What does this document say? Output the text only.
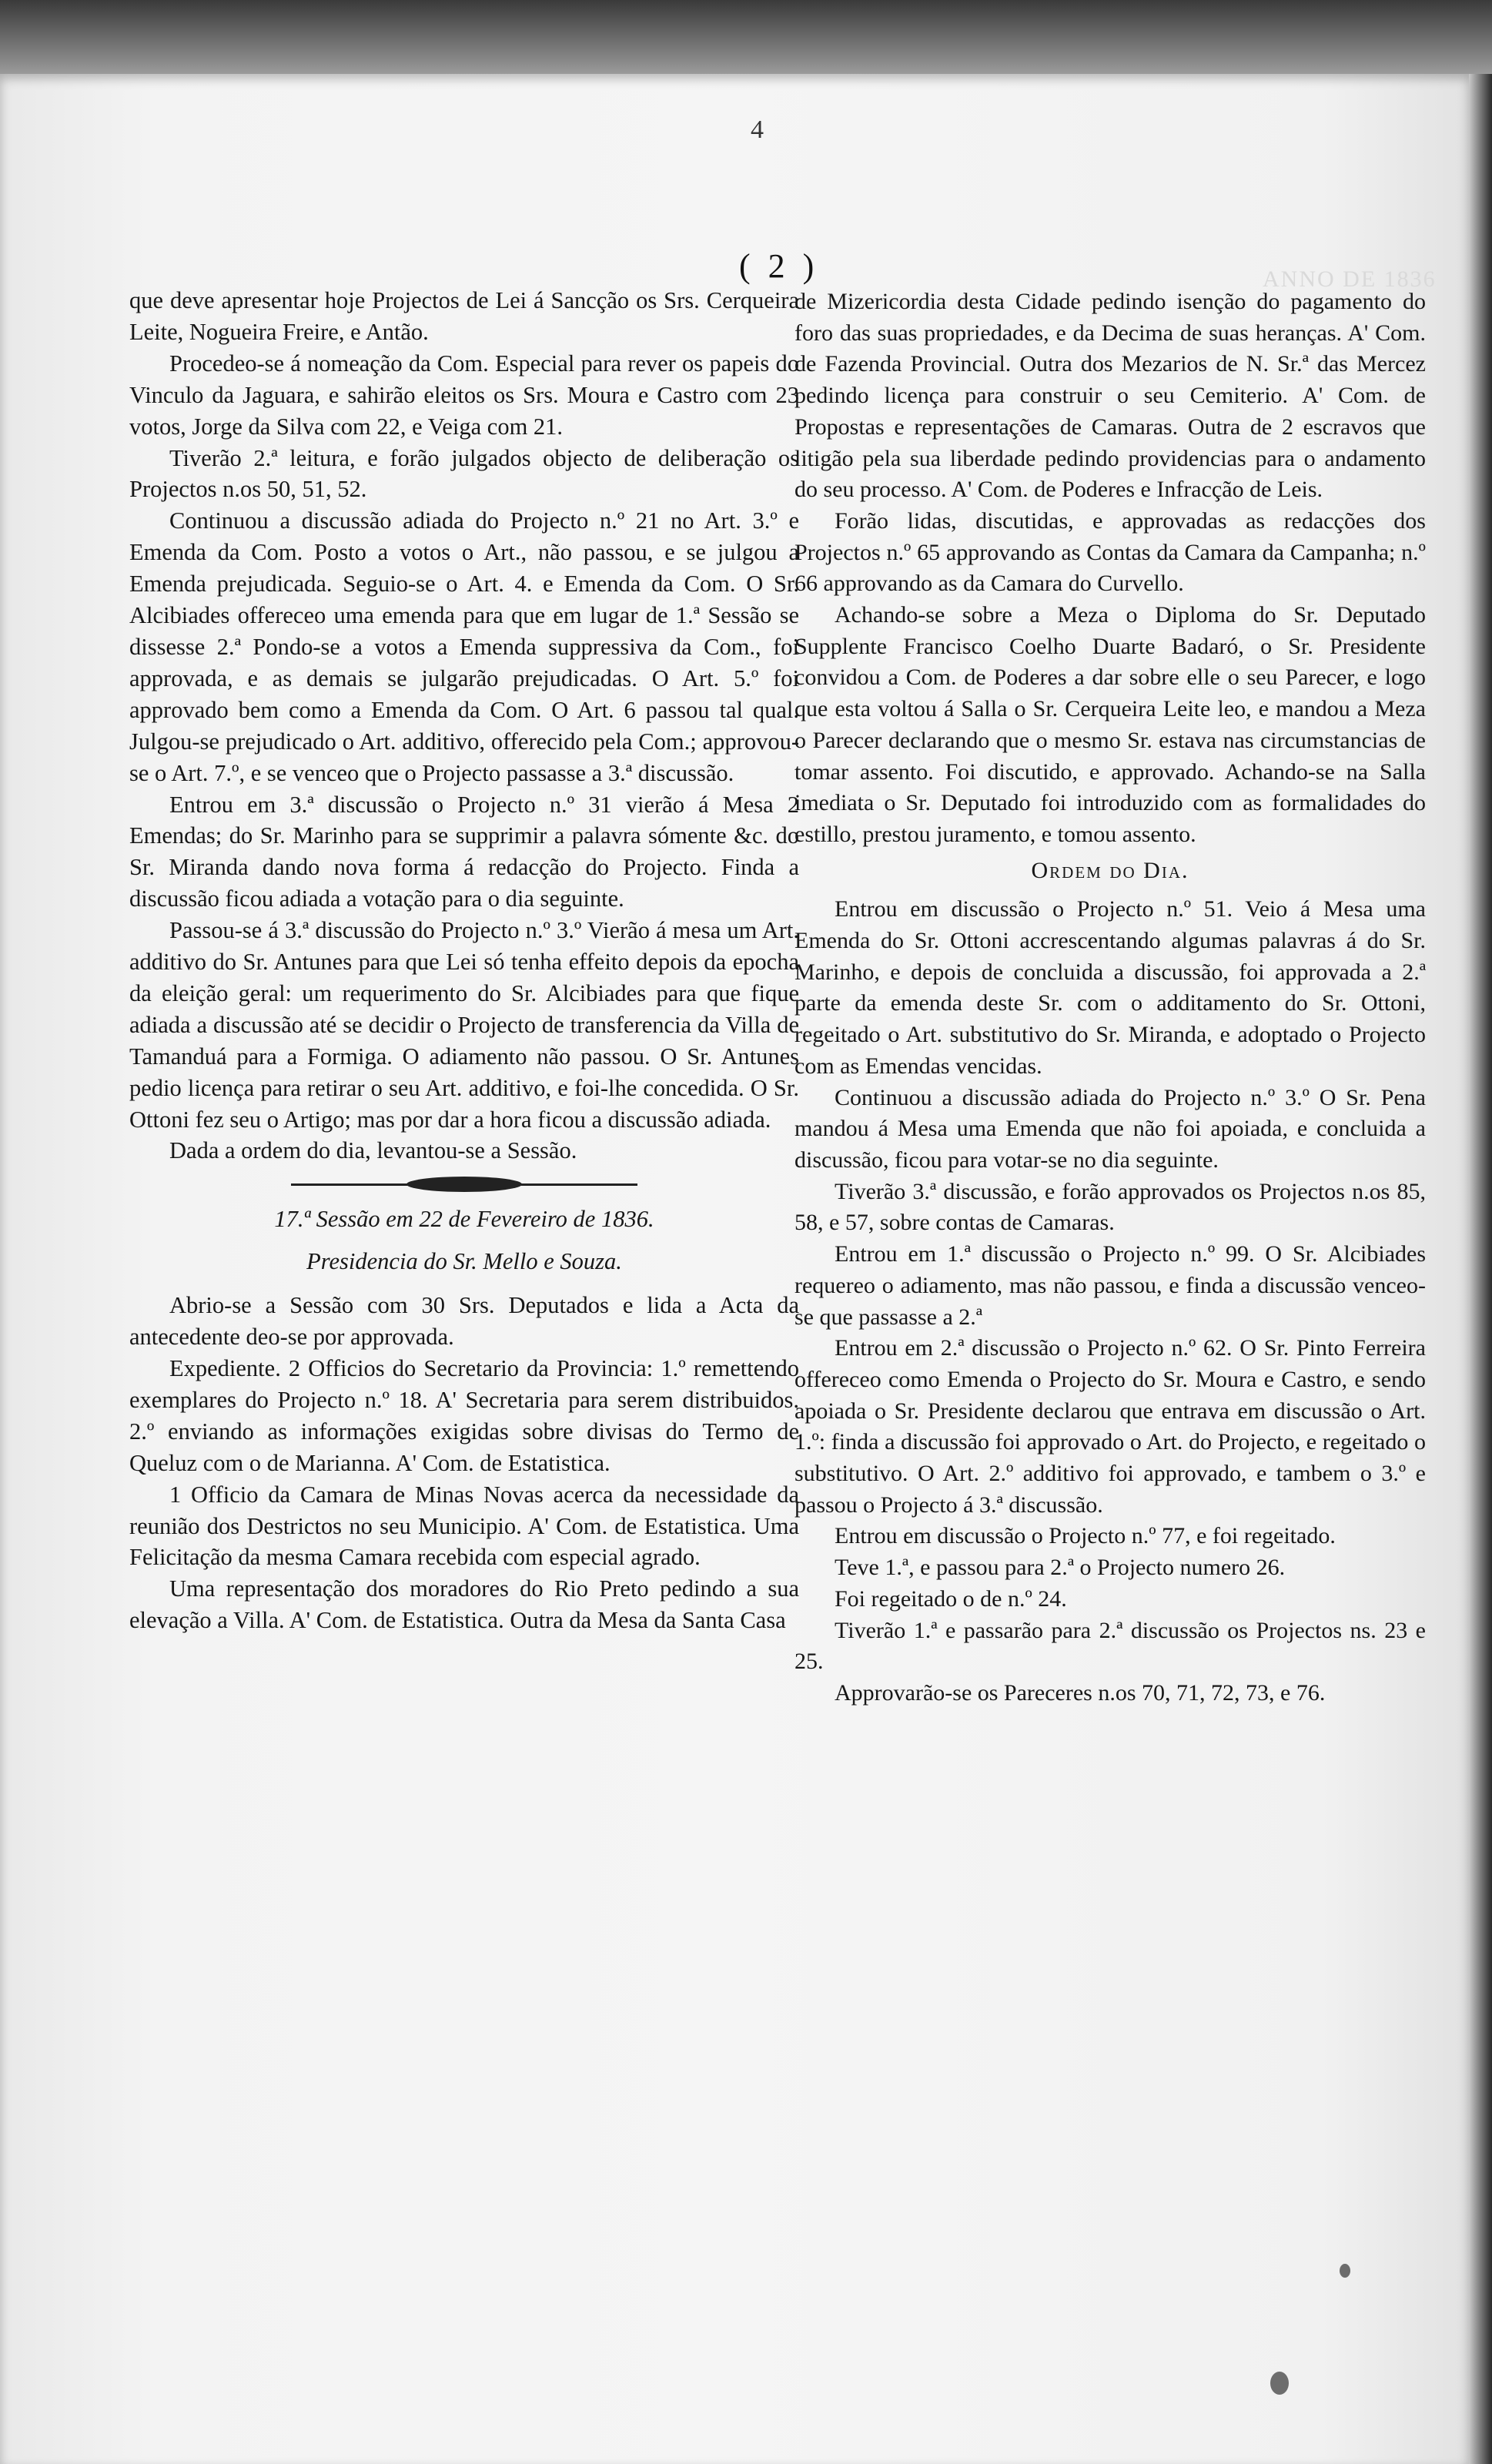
ANNO DE 1836
4
( 2 )

que deve apresentar hoje Projectos de Lei á Sancção os Srs. Cerqueira Leite, Nogueira Freire, e Antão.

Procedeo-se á nomeação da Com. Especial para rever os papeis do Vinculo da Jaguara, e sahirão eleitos os Srs. Moura e Castro com 23 votos, Jorge da Silva com 22, e Veiga com 21.

Tiverão 2.ª leitura, e forão julgados objecto de deliberação os Projectos n.os 50, 51, 52.

Continuou a discussão adiada do Projecto n.º 21 no Art. 3.º e Emenda da Com. Posto a votos o Art., não passou, e se julgou a Emenda prejudicada. Seguio-se o Art. 4. e Emenda da Com. O Sr. Alcibiades offereceo uma emenda para que em lugar de 1.ª Sessão se dissesse 2.ª Pondo-se a votos a Emenda suppressiva da Com., foi approvada, e as demais se julgarão prejudicadas. O Art. 5.º foi approvado bem como a Emenda da Com. O Art. 6 passou tal qual. Julgou-se prejudicado o Art. additivo, offerecido pela Com.; approvou-se o Art. 7.º, e se venceo que o Projecto passasse a 3.ª discussão.

Entrou em 3.ª discussão o Projecto n.º 31 vierão á Mesa 2 Emendas; do Sr. Marinho para se supprimir a palavra sómente &c. do Sr. Miranda dando nova forma á redacção do Projecto. Finda a discussão ficou adiada a votação para o dia seguinte.

Passou-se á 3.ª discussão do Projecto n.º 3.º Vierão á mesa um Art. additivo do Sr. Antunes para que Lei só tenha effeito depois da epocha da eleição geral: um requerimento do Sr. Alcibiades para que fique adiada a discussão até se decidir o Projecto de transferencia da Villa de Tamanduá para a Formiga. O adiamento não passou. O Sr. Antunes pedio licença para retirar o seu Art. additivo, e foi-lhe concedida. O Sr. Ottoni fez seu o Artigo; mas por dar a hora ficou a discussão adiada.

Dada a ordem do dia, levantou-se a Sessão.

17.ª Sessão em 22 de Fevereiro de 1836.
Presidencia do Sr. Mello e Souza.

Abrio-se a Sessão com 30 Srs. Deputados e lida a Acta da antecedente deo-se por approvada.

Expediente. 2 Officios do Secretario da Provincia: 1.º remettendo exemplares do Projecto n.º 18. A' Secretaria para serem distribuidos. 2.º enviando as informações exigidas sobre divisas do Termo de Queluz com o de Marianna. A' Com. de Estatistica.

1 Officio da Camara de Minas Novas acerca da necessidade da reunião dos Destrictos no seu Municipio. A' Com. de Estatistica. Uma Felicitação da mesma Camara recebida com especial agrado.

Uma representação dos moradores do Rio Preto pedindo a sua elevação a Villa. A' Com. de Estatistica. Outra da Mesa da Santa Casa

de Mizericordia desta Cidade pedindo isenção do pagamento do foro das suas propriedades, e da Decima de suas heranças. A' Com. de Fazenda Provincial. Outra dos Mezarios de N. Sr.ª das Mercez pedindo licença para construir o seu Cemiterio. A' Com. de Propostas e representações de Camaras. Outra de 2 escravos que litigão pela sua liberdade pedindo providencias para o andamento do seu processo. A' Com. de Poderes e Infracção de Leis.

Forão lidas, discutidas, e approvadas as redacções dos Projectos n.º 65 approvando as Contas da Camara da Campanha; n.º 66 approvando as da Camara do Curvello.

Achando-se sobre a Meza o Diploma do Sr. Deputado Supplente Francisco Coelho Duarte Badaró, o Sr. Presidente convidou a Com. de Poderes a dar sobre elle o seu Parecer, e logo que esta voltou á Salla o Sr. Cerqueira Leite leo, e mandou a Meza o Parecer declarando que o mesmo Sr. estava nas circumstancias de tomar assento. Foi discutido, e approvado. Achando-se na Salla imediata o Sr. Deputado foi introduzido com as formalidades do estillo, prestou juramento, e tomou assento.

Ordem do Dia.

Entrou em discussão o Projecto n.º 51. Veio á Mesa uma Emenda do Sr. Ottoni accrescentando algumas palavras á do Sr. Marinho, e depois de concluida a discussão, foi approvada a 2.ª parte da emenda deste Sr. com o additamento do Sr. Ottoni, regeitado o Art. substitutivo do Sr. Miranda, e adoptado o Projecto com as Emendas vencidas.

Continuou a discussão adiada do Projecto n.º 3.º O Sr. Pena mandou á Mesa uma Emenda que não foi apoiada, e concluida a discussão, ficou para votar-se no dia seguinte.

Tiverão 3.ª discussão, e forão approvados os Projectos n.os 85, 58, e 57, sobre contas de Camaras.

Entrou em 1.ª discussão o Projecto n.º 99. O Sr. Alcibiades requereo o adiamento, mas não passou, e finda a discussão venceo-se que passasse a 2.ª

Entrou em 2.ª discussão o Projecto n.º 62. O Sr. Pinto Ferreira offereceo como Emenda o Projecto do Sr. Moura e Castro, e sendo apoiada o Sr. Presidente declarou que entrava em discussão o Art. 1.º: finda a discussão foi approvado o Art. do Projecto, e regeitado o substitutivo. O Art. 2.º additivo foi approvado, e tambem o 3.º e passou o Projecto á 3.ª discussão.

Entrou em discussão o Projecto n.º 77, e foi regeitado.

Teve 1.ª, e passou para 2.ª o Projecto numero 26.

Foi regeitado o de n.º 24.

Tiverão 1.ª e passarão para 2.ª discussão os Projectos ns. 23 e 25.

Approvarão-se os Pareceres n.os 70, 71, 72, 73, e 76.
